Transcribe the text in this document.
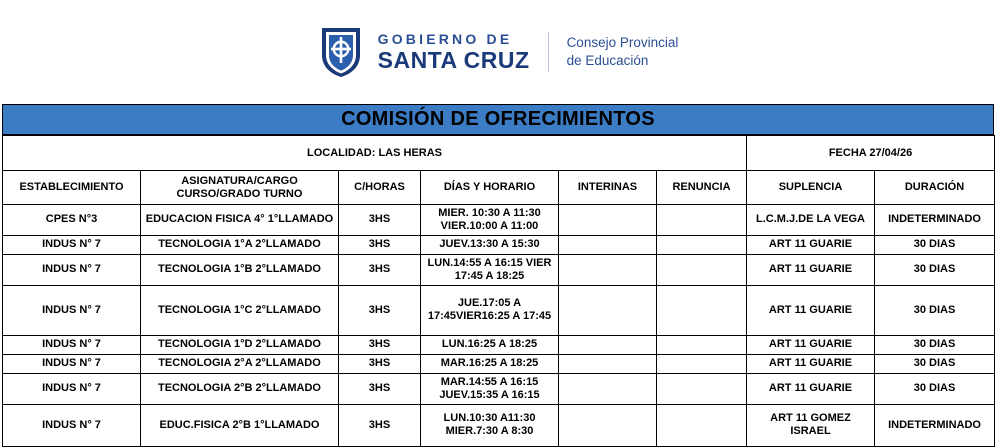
GOBIERNO DE
SANTA CRUZ
Consejo Provincial
de Educación
COMISIÓN DE OFRECIMIENTOS
LOCALIDAD: LAS HERAS						FECHA 27/04/26	
ESTABLECIMIENTO	ASIGNATURA/CARGO CURSO/GRADO TURNO	C/HORAS	DÍAS Y HORARIO	INTERINAS	RENUNCIA	SUPLENCIA	DURACIÓN
CPES N°3	EDUCACION FISICA 4° 1°LLAMADO	3HS	MIER. 10:30 A 11:30 VIER.10:00 A 11:00			L.C.M.J.DE LA VEGA	INDETERMINADO
INDUS N° 7	TECNOLOGIA 1°A 2°LLAMADO	3HS	JUEV.13:30 A 15:30			ART 11 GUARIE	30 DIAS
INDUS N° 7	TECNOLOGIA 1°B 2°LLAMADO	3HS	LUN.14:55 A 16:15 VIER 17:45 A 18:25			ART 11 GUARIE	30 DIAS
INDUS N° 7	TECNOLOGIA 1°C 2°LLAMADO	3HS	JUE.17:05 A 17:45VIER16:25 A 17:45			ART 11 GUARIE	30 DIAS
INDUS N° 7	TECNOLOGIA 1°D 2°LLAMADO	3HS	LUN.16:25 A 18:25			ART 11 GUARIE	30 DIAS
INDUS N° 7	TECNOLOGIA 2°A 2°LLAMADO	3HS	MAR.16:25 A 18:25			ART 11 GUARIE	30 DIAS
INDUS N° 7	TECNOLOGIA 2°B 2°LLAMADO	3HS	MAR.14:55 A 16:15 JUEV.15:35 A 16:15			ART 11 GUARIE	30 DIAS
INDUS N° 7	EDUC.FISICA 2°B 1°LLAMADO	3HS	LUN.10:30 A11:30 MIER.7:30 A 8:30			ART 11 GOMEZ ISRAEL	INDETERMINADO
